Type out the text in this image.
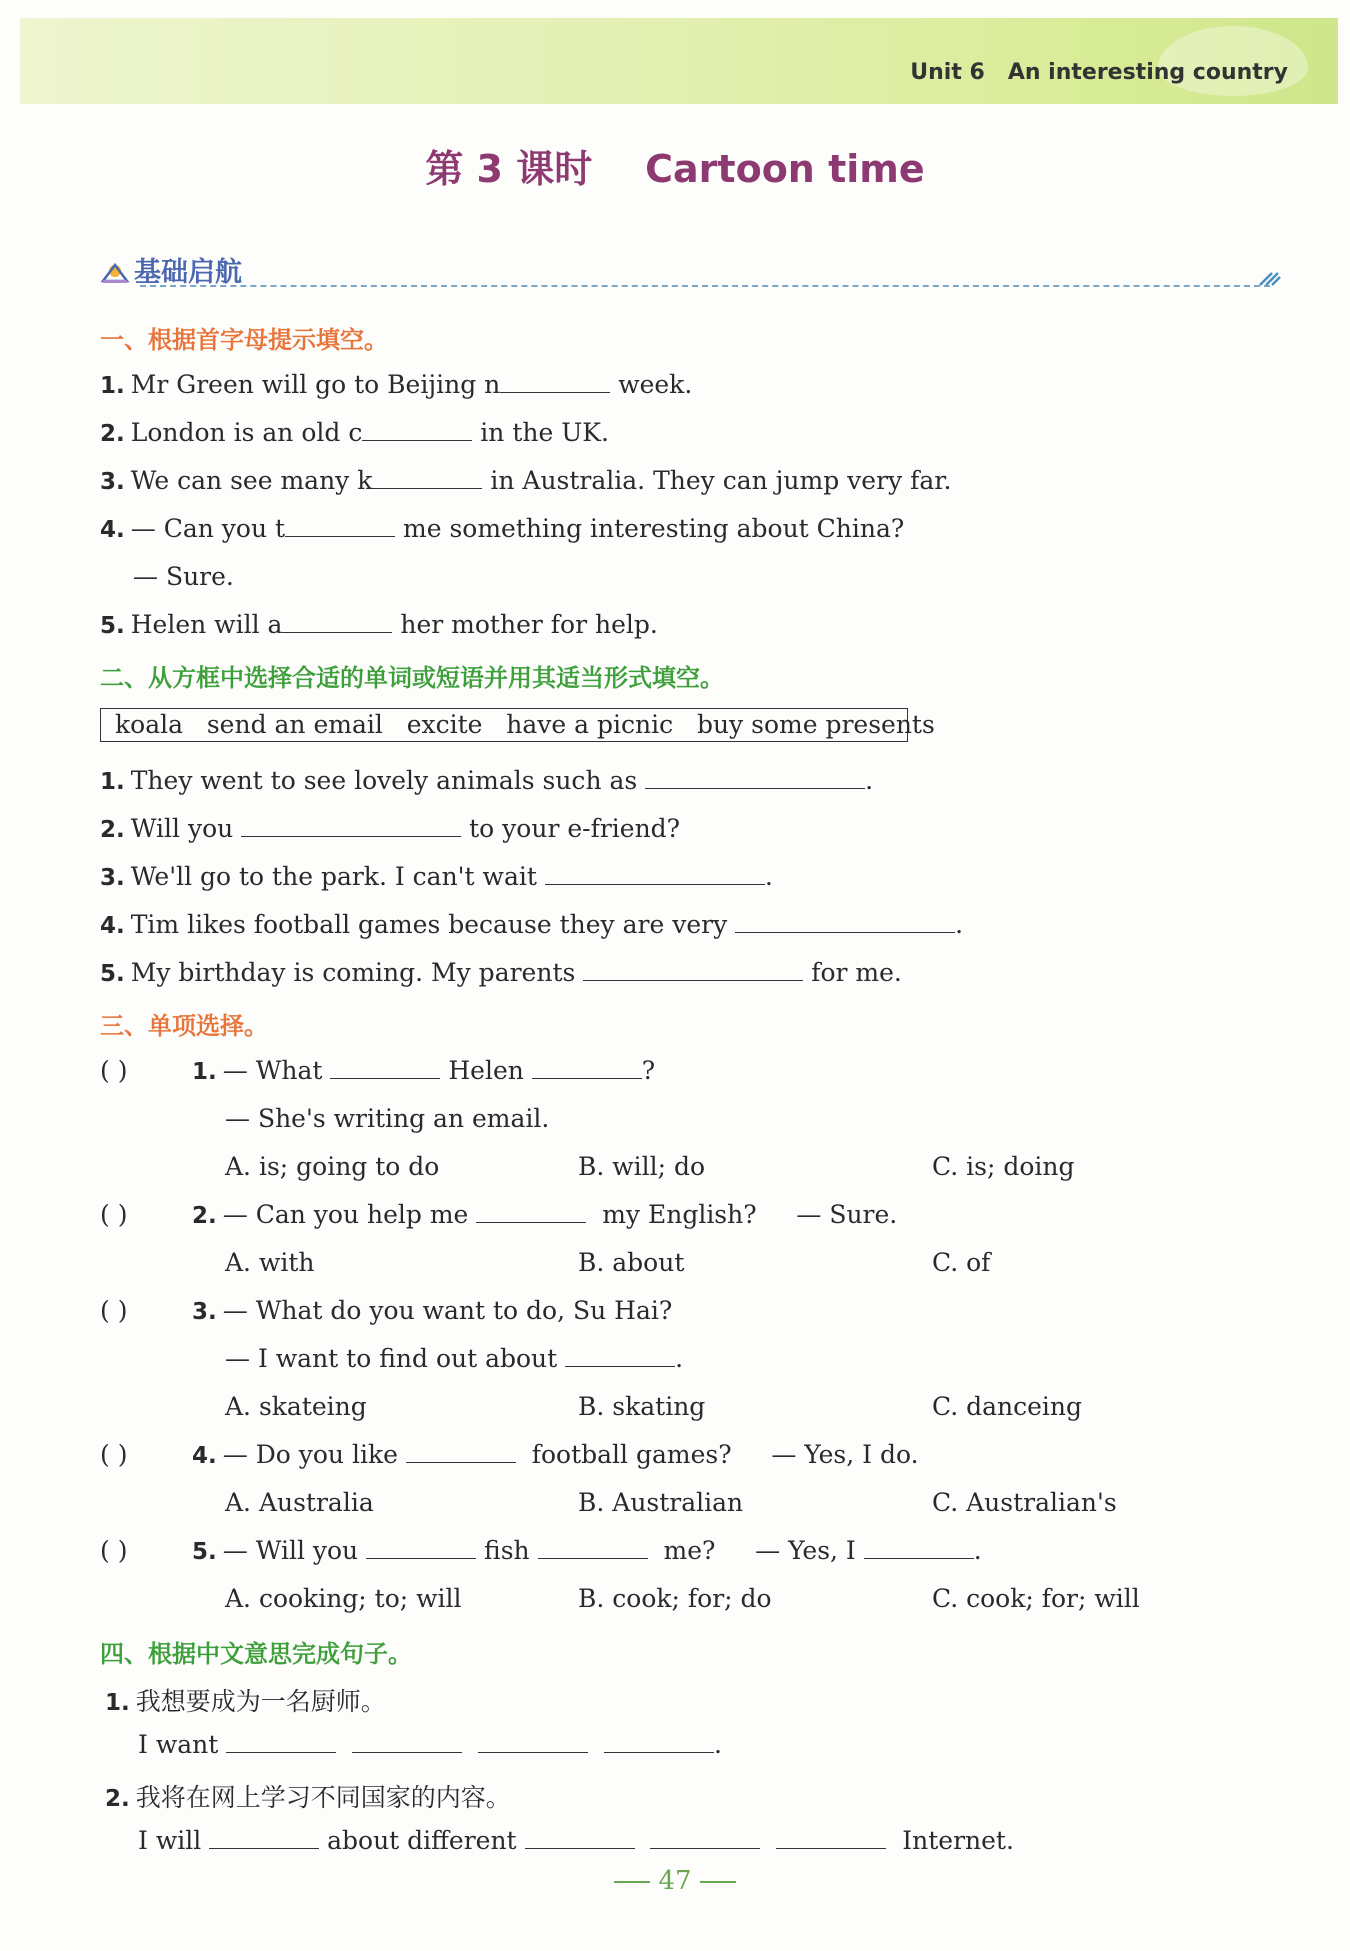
Unit 6 An interesting country
第 3 课时 Cartoon time
基础启航
一、根据首字母提示填空。
1. Mr Green will go to Beijing n	week.
2. London is an old c	in the UK.
3. We can see many k	in Australia. They can jump very far.
4. — Can you t	me something interesting about China?
— Sure.
5. Helen will a	her mother for help.
二、从方框中选择合适的单词或短语并用其适当形式填空。
koala   send an email   excite   have a picnic   buy some presents
1. They went to see lovely animals such as	.
2. Will you	to your e-friend?
3. We'll go to the park. I can't wait	.
4. Tim likes football games because they are very	.
5. My birthday is coming. My parents	for me.
三、单项选择。
( )	1. — What	Helen	?
— She's writing an email.
A. is; going to do	B. will; do	C. is; doing
( )	2. — Can you help me	my English?     — Sure.
A. with	B. about	C. of
( )	3. — What do you want to do, Su Hai?
— I want to find out about	.
A. skateing	B. skating	C. danceing
( )	4. — Do you like	football games?     — Yes, I do.
A. Australia	B. Australian	C. Australian's
( )	5. — Will you	fish	me?     — Yes, I	.
A. cooking; to; will	B. cook; for; do	C. cook; for; will
四、根据中文意思完成句子。
1. 我想要成为一名厨师。
I want	.
2. 我将在网上学习不同国家的内容。
I will	about different	Internet.
47
